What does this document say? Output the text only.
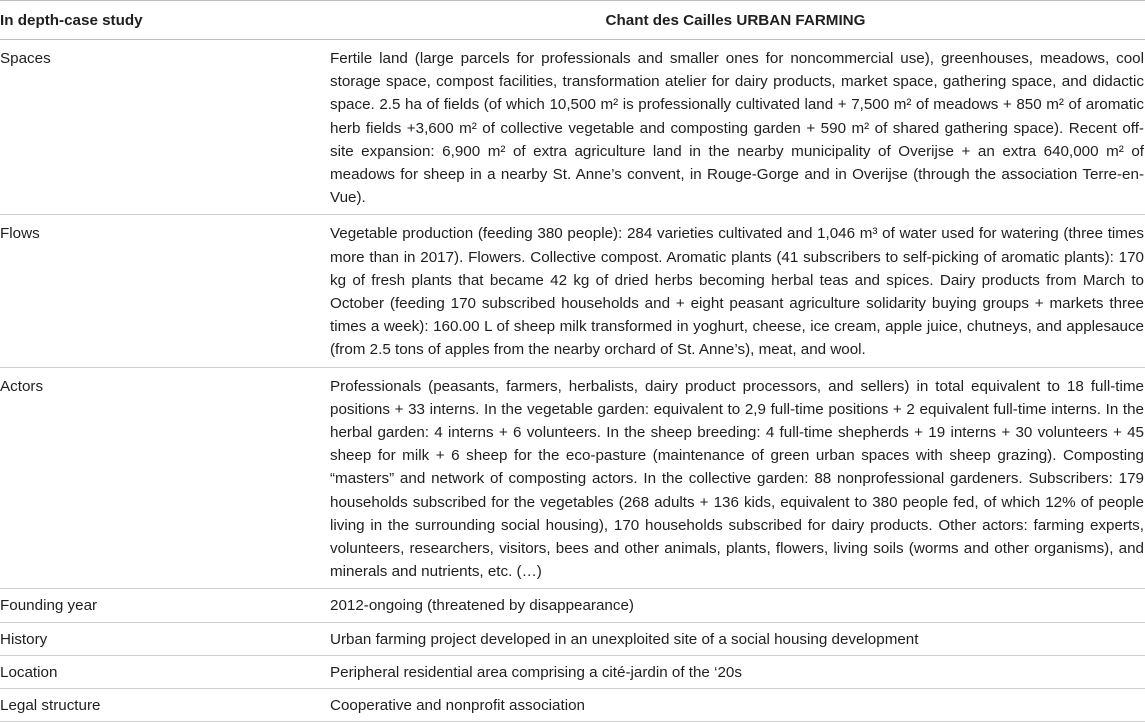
In depth-case study	Chant des Cailles URBAN FARMING
Spaces	Fertile land (large parcels for professionals and smaller ones for noncommercial use), greenhouses, meadows, cool storage space, compost facilities, transformation atelier for dairy products, market space, gathering space, and didactic space. 2.5 ha of fields (of which 10,500 m² is professionally cultivated land + 7,500 m² of meadows + 850 m² of aromatic herb fields +3,600 m² of collective vegetable and composting garden + 590 m² of shared gathering space). Recent off-site expansion: 6,900 m² of extra agriculture land in the nearby municipality of Overijse + an extra 640,000 m² of meadows for sheep in a nearby St. Anne’s convent, in Rouge-Gorge and in Overijse (through the association Terre-en-Vue).
Flows	Vegetable production (feeding 380 people): 284 varieties cultivated and 1,046 m³ of water used for watering (three times more than in 2017). Flowers. Collective compost. Aromatic plants (41 subscribers to self-picking of aromatic plants): 170 kg of fresh plants that became 42 kg of dried herbs becoming herbal teas and spices. Dairy products from March to October (feeding 170 subscribed households and + eight peasant agriculture solidarity buying groups + markets three times a week): 160.00 L of sheep milk transformed in yoghurt, cheese, ice cream, apple juice, chutneys, and applesauce (from 2.5 tons of apples from the nearby orchard of St. Anne’s), meat, and wool.
Actors	Professionals (peasants, farmers, herbalists, dairy product processors, and sellers) in total equivalent to 18 full-time positions + 33 interns. In the vegetable garden: equivalent to 2,9 full-time positions + 2 equivalent full-time interns. In the herbal garden: 4 interns + 6 volunteers. In the sheep breeding: 4 full-time shepherds + 19 interns + 30 volunteers + 45 sheep for milk + 6 sheep for the eco-pasture (maintenance of green urban spaces with sheep grazing). Composting “masters” and network of composting actors. In the collective garden: 88 nonprofessional gardeners. Subscribers: 179 households subscribed for the vegetables (268 adults + 136 kids, equivalent to 380 people fed, of which 12% of people living in the surrounding social housing), 170 households subscribed for dairy products. Other actors: farming experts, volunteers, researchers, visitors, bees and other animals, plants, flowers, living soils (worms and other organisms), and minerals and nutrients, etc. (…)
Founding year	2012-ongoing (threatened by disappearance)
History	Urban farming project developed in an unexploited site of a social housing development
Location	Peripheral residential area comprising a cité-jardin of the ‘20s
Legal structure	Cooperative and nonprofit association
